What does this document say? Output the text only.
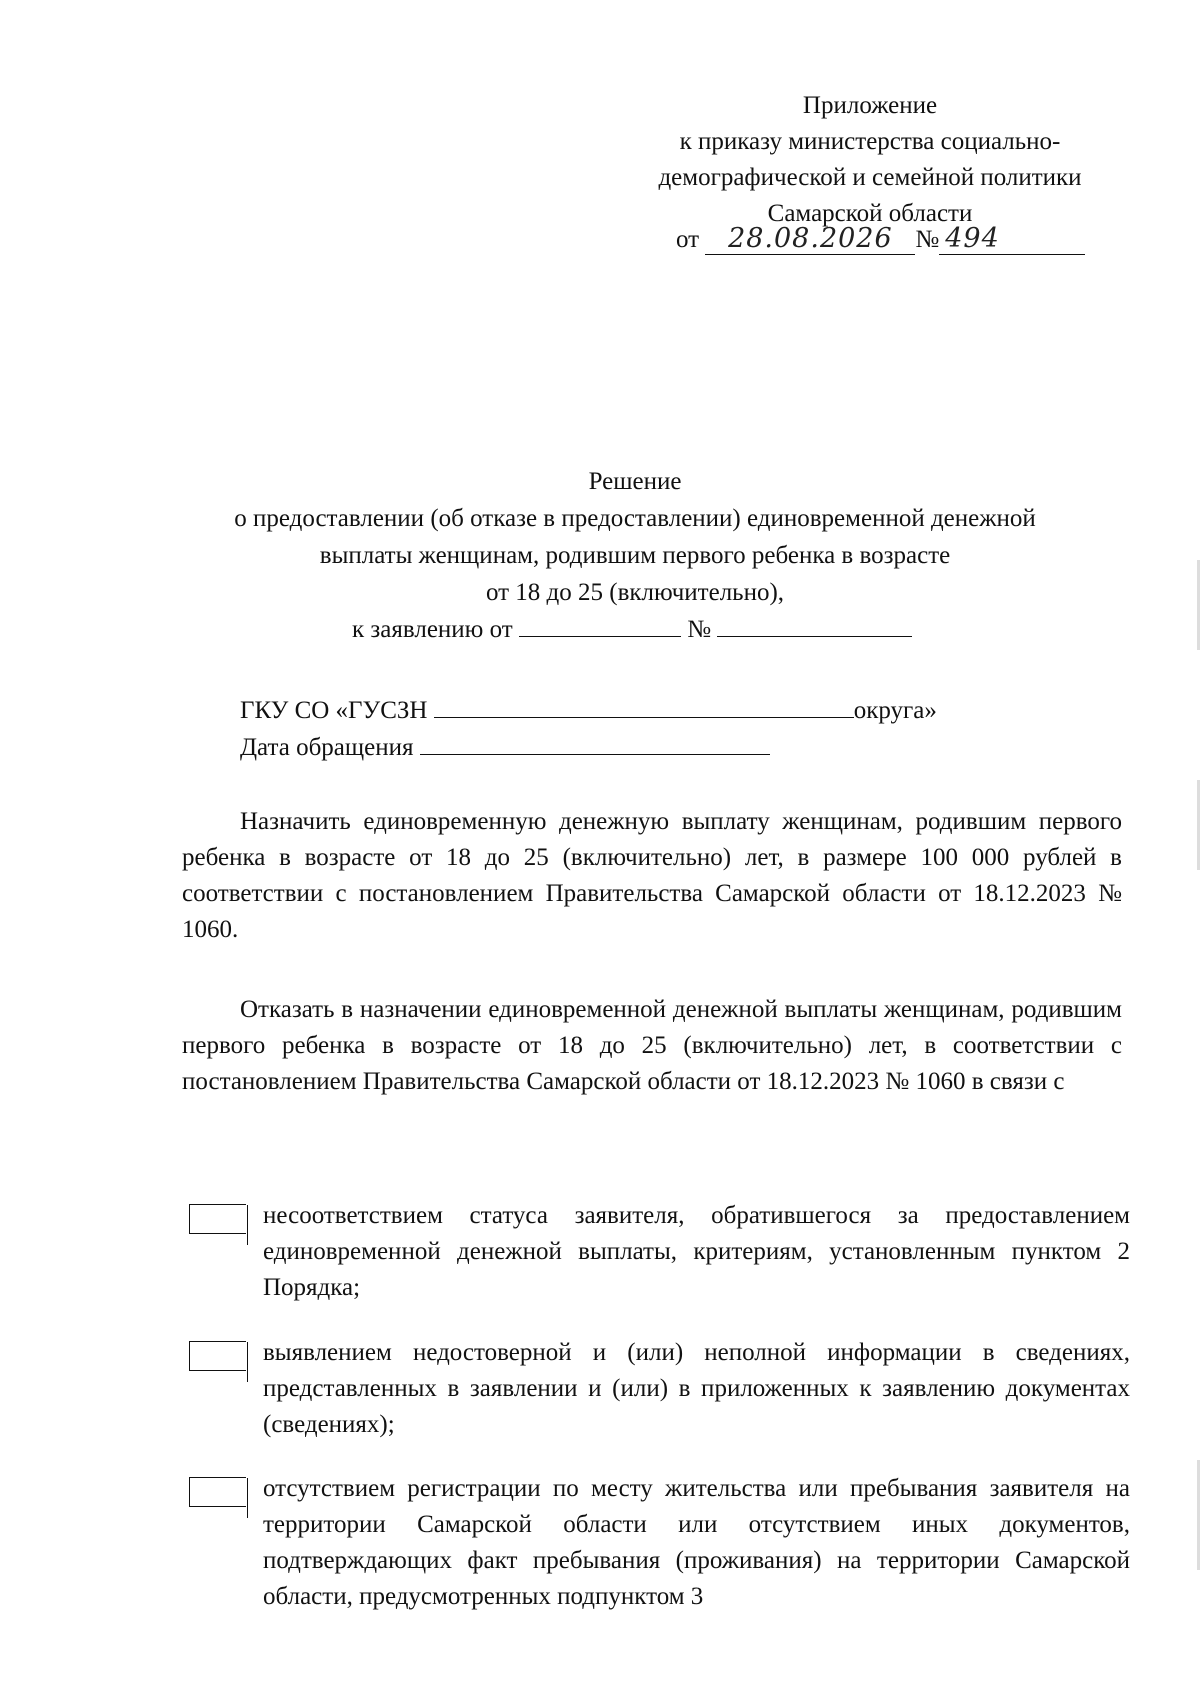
Приложение
к приказу министерства социально-
демографической и семейной политики
Самарской области
от 28.08.2026 № 494
Решение
о предоставлении (об отказе в предоставлении) единовременной денежной
выплаты женщинам, родившим первого ребенка в возрасте
от 18 до 25 (включительно),
к заявлению от	№
ГКУ СО «ГУСЗН	округа»
Дата обращения
Назначить единовременную денежную выплату женщинам, родившим первого ребенка в возрасте от 18 до 25 (включительно) лет, в размере 100 000 рублей в соответствии с постановлением Правительства Самарской области от 18.12.2023 № 1060.
Отказать в назначении единовременной денежной выплаты женщинам, родившим первого ребенка в возрасте от 18 до 25 (включительно) лет, в соответствии с постановлением Правительства Самарской области от 18.12.2023 № 1060 в связи с
несоответствием статуса заявителя, обратившегося за предоставлением единовременной денежной выплаты, критериям, установленным пунктом 2 Порядка;
выявлением недостоверной и (или) неполной информации в сведениях, представленных в заявлении и (или) в приложенных к заявлению документах (сведениях);
отсутствием регистрации по месту жительства или пребывания заявителя на территории Самарской области или отсутствием иных документов, подтверждающих факт пребывания (проживания) на территории Самарской области, предусмотренных подпунктом 3
